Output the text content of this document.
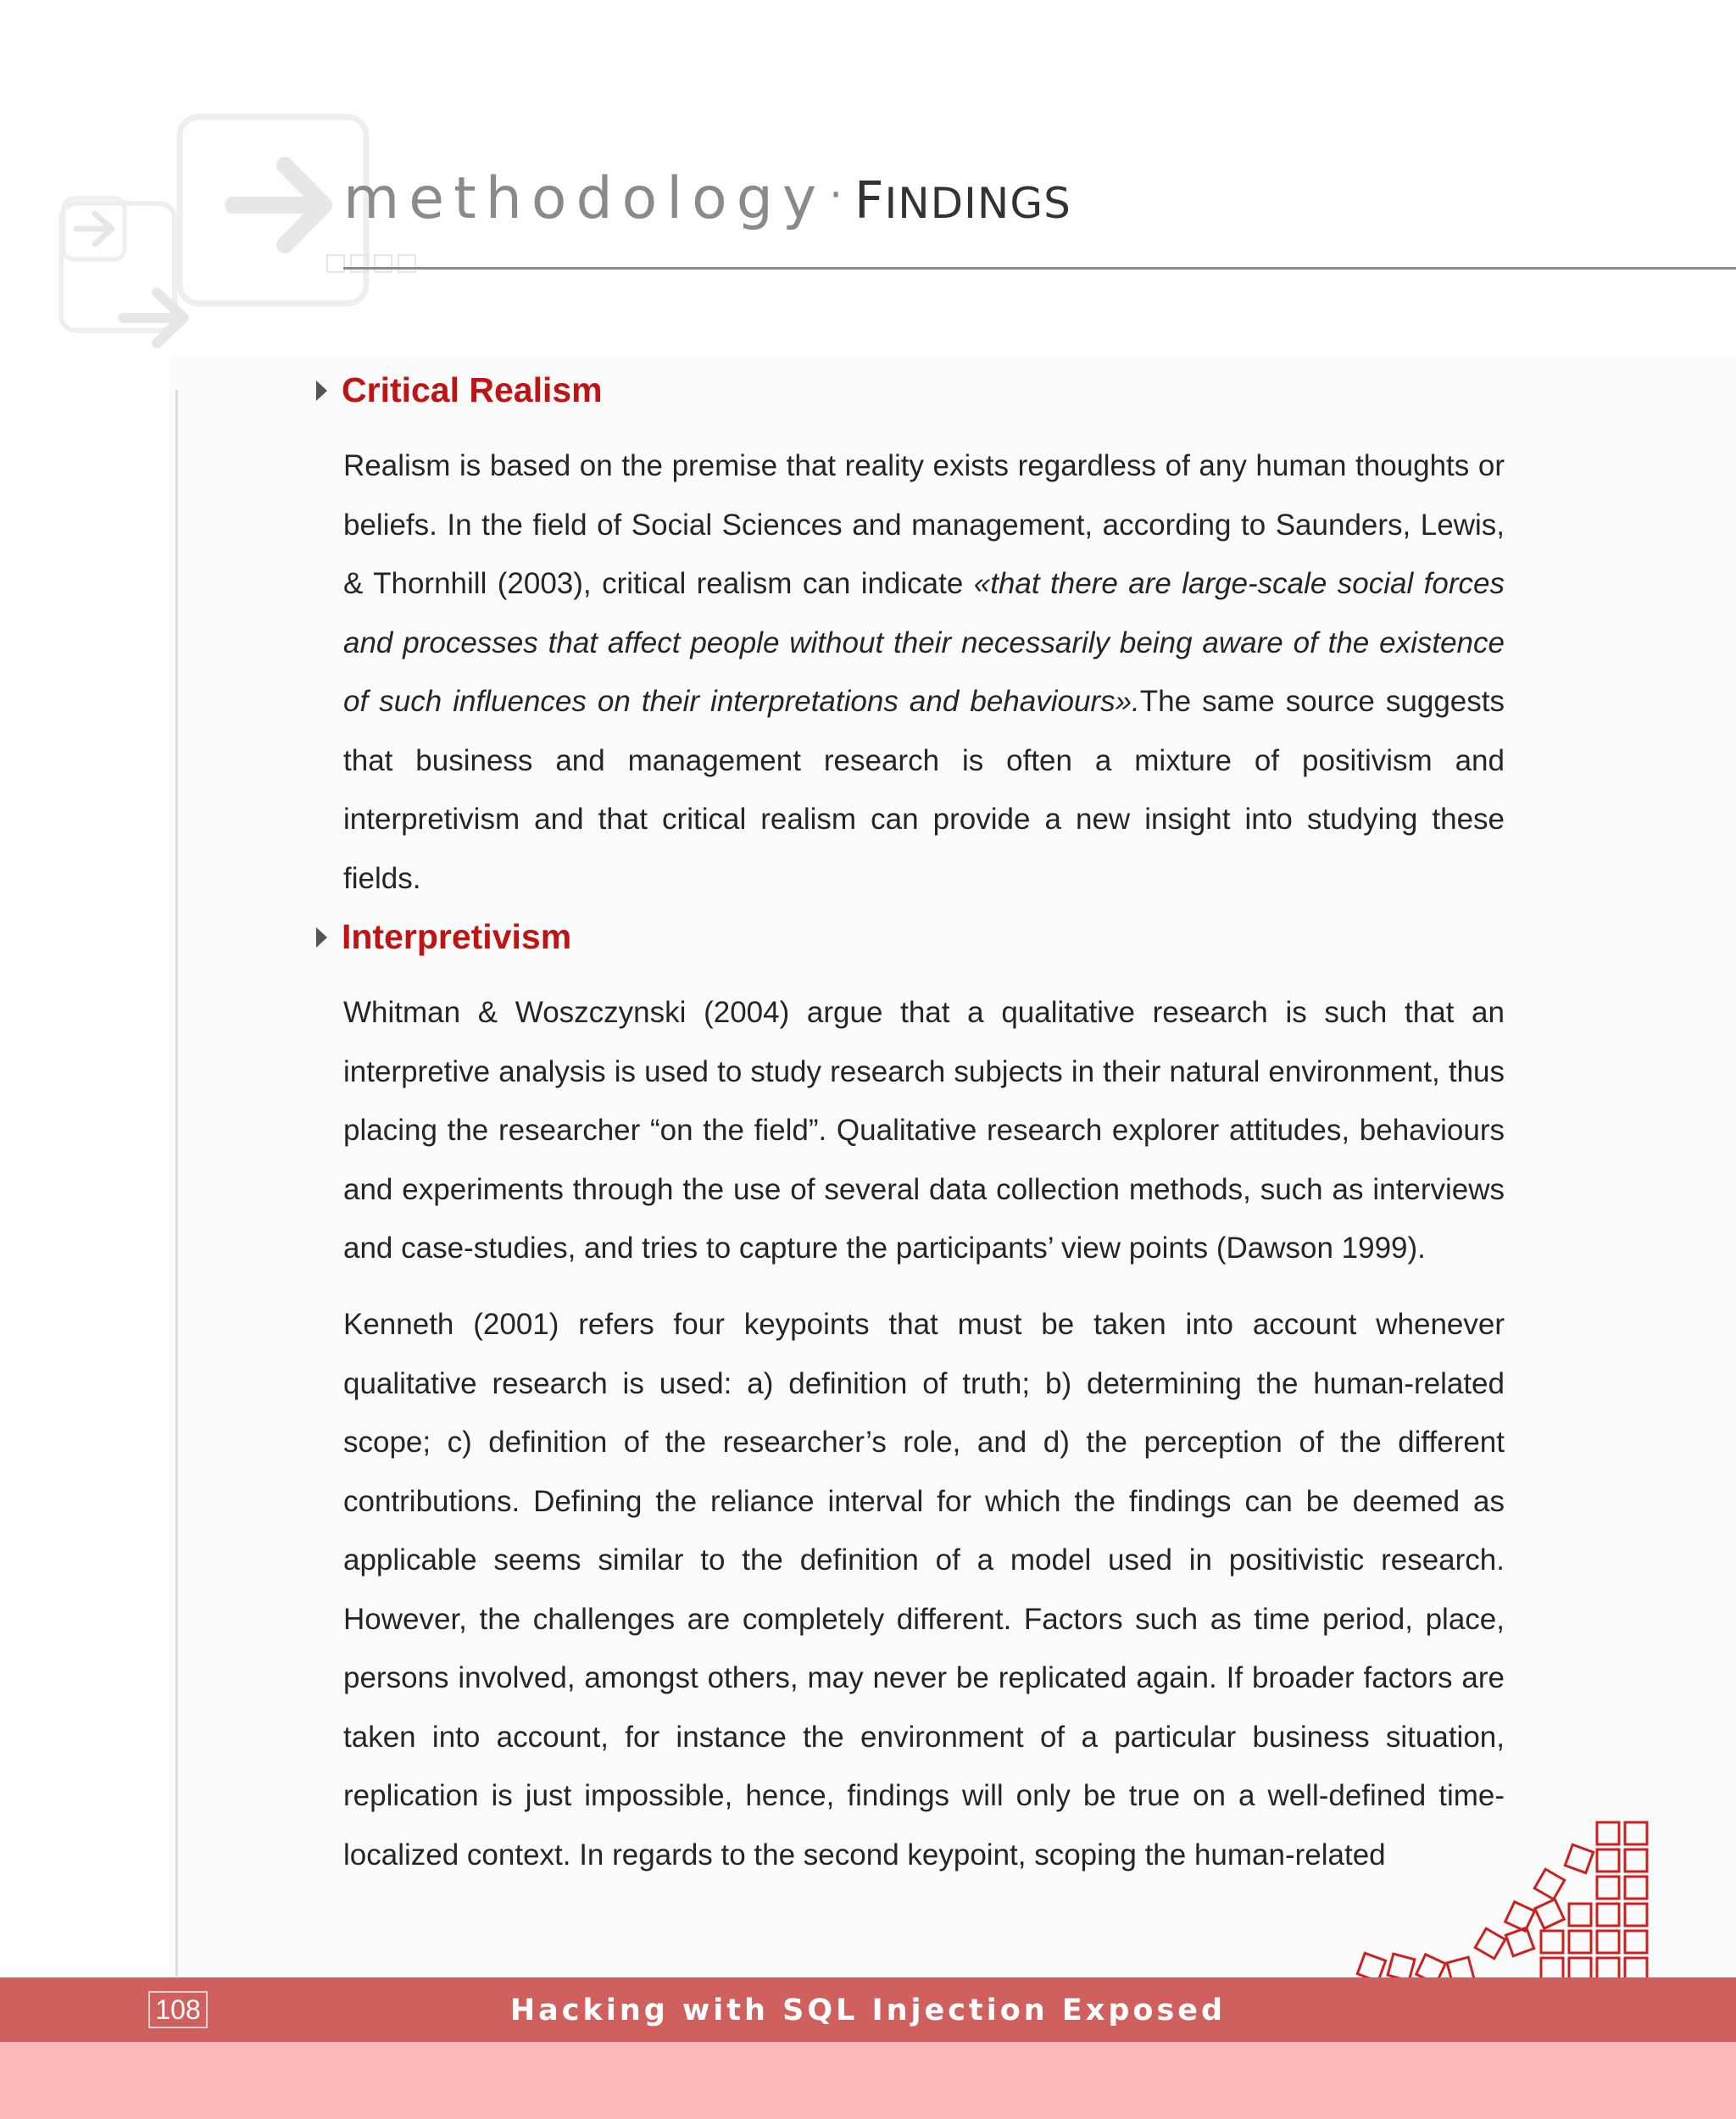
methodology· FINDINGS
Critical Realism

Realism is based on the premise that reality exists regardless of any human thoughts or beliefs. In the field of Social Sciences and management, according to Saunders, Lewis, & Thornhill (2003), critical realism can indicate «that there are large-scale social forces and processes that affect people without their necessarily being aware of the existence of such influences on their interpretations and behaviours».The same source suggests that business and management research is often a mixture of positivism and interpretivism and that critical realism can provide a new insight into studying these fields.

Interpretivism

Whitman & Woszczynski (2004) argue that a qualitative research is such that an interpretive analysis is used to study research subjects in their natural environment, thus placing the researcher “on the field”. Qualitative research explorer attitudes, behaviours and experiments through the use of several data collection methods, such as interviews and case-studies, and tries to capture the participants’ view points (Dawson 1999).

Kenneth (2001) refers four keypoints that must be taken into account whenever qualitative research is used: a) definition of truth; b) determining the human-related scope; c) definition of the researcher’s role, and d) the perception of the different contributions. Defining the reliance interval for which the findings can be deemed as applicable seems similar to the definition of a model used in positivistic research. However, the challenges are completely different. Factors such as time period, place, persons involved, amongst others, may never be replicated again. If broader factors are taken into account, for instance the environment of a particular business situation, replication is just impossible, hence, findings will only be true on a well-defined time-localized context. In regards to the second keypoint, scoping the human-related

108	Hacking with SQL Injection Exposed
